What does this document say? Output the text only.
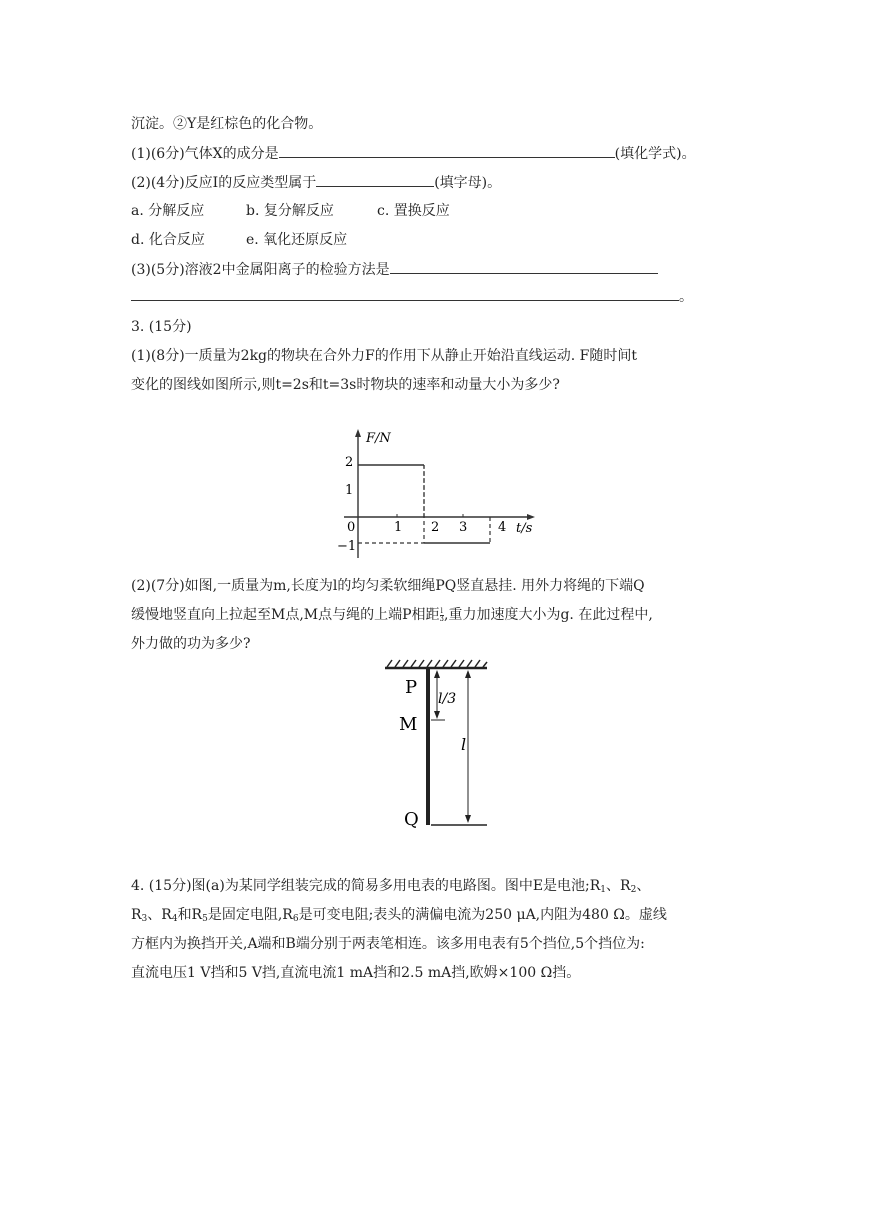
沉淀。②Y是红棕色的化合物。
(1)(6分)气体X的成分是	(填化学式)。
(2)(4分)反应Ⅰ的反应类型属于	(填字母)。
a. 分解反应	b. 复分解反应	c. 置换反应
d. 化合反应	e. 氧化还原反应
(3)(5分)溶液2中金属阳离子的检验方法是
。
3. (15分)
(1)(8分)一质量为2kg的物块在合外力F的作用下从静止开始沿直线运动. F随时间t
变化的图线如图所示,则t=2s和t=3s时物块的速率和动量大小为多少?
2
1
0
−1
1 2 3 4 t/s
F/N
(2)(7分)如图,一质量为m,长度为l的均匀柔软细绳PQ竖直悬挂. 用外力将绳的下端Q
缓慢地竖直向上拉起至M点,M点与绳的上端P相距 $\frac{l}{3}$ ,重力加速度大小为g. 在此过程中,
外力做的功为多少?
P
M
Q
l/3
l
4. (15分)图(a)为某同学组装完成的简易多用电表的电路图。图中E是电池$;R_1$、$R_2$、
$R_3$、$R_4$和$R_5$是固定电阻$,R_6$是可变电阻;表头的满偏电流为250 μA,内阻为480 Ω。虚线
方框内为换挡开关,A端和B端分别于两表笔相连。该多用电表有5个挡位,5个挡位为:
直流电压1 V挡和5 V挡,直流电流1 mA挡和2.5 mA挡,欧姆×100 Ω挡。
